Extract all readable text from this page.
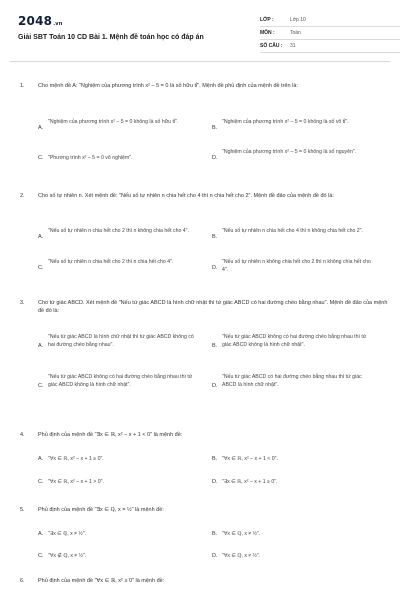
2048.vn
Giải SBT Toán 10 CD Bài 1. Mệnh đề toán học có đáp án
LỚP :	Lớp 10
MÔN :	Toán
SỐ CÂU :	31
1. Cho mệnh đề A: "Nghiệm của phương trình x² – 5 = 0 là số hữu tỉ". Mệnh đề phủ định của mệnh đề trên là:
A.
"Nghiệm của phương trình x² – 5 = 0 không là số hữu tỉ".
B.
"Nghiệm của phương trình x² – 5 = 0 không là số vô tỉ".
C. "Phương trình x² – 5 = 0 vô nghiệm".	D.
"Nghiệm của phương trình x² – 5 = 0 không là số nguyên".
2. Cho số tự nhiên n. Xét mệnh đề: "Nếu số tự nhiên n chia hết cho 4 thì n chia hết cho 2". Mệnh đề đảo của mệnh đề đó là:
A.
"Nếu số tự nhiên n chia hết cho 2 thì n không chia hết cho 4".
B.
"Nếu số tự nhiên n chia hết cho 4 thì n không chia hết cho 2".
C.
"Nếu số tự nhiên n chia hết cho 2 thì n chia hết cho 4".
D.
"Nếu số tự nhiên n không chia hết cho 2 thì n không chia hết cho 4".
3. Cho tứ giác ABCD. Xét mệnh đề "Nếu tứ giác ABCD là hình chữ nhật thì tứ giác ABCD có hai đường chéo bằng nhau". Mệnh đề đảo của mệnh đề đó là:
A.
"Nếu tứ giác ABCD là hình chữ nhật thì tứ giác ABCD không có hai đường chéo bằng nhau".	B.
"Nếu tứ giác ABCD không có hai đường chéo bằng nhau thì tứ giác ABCD không là hình chữ nhật".
C.
"Nếu tứ giác ABCD không có hai đường chéo bằng nhau thì tứ giác ABCD không là hình chữ nhật".	D.
"Nếu tứ giác ABCD có hai đường chéo bằng nhau thì tứ giác ABCD là hình chữ nhật".
4. Phủ định của mệnh đề "∃x ∈ ℝ, x² – x + 1 < 0" là mệnh đề:
A. "∀x ∈ ℝ, x² – x + 1 ≥ 0".	B. "∀x ∈ ℝ, x² – x + 1 < 0".
C. "∀x ∈ ℝ, x² – x + 1 > 0".	D. "∃x ∈ ℝ, x² – x + 1 ≥ 0".
5. Phủ định của mệnh đề "∃x ∈ ℚ, x = ½" là mệnh đề:
A. "∃x ∈ ℚ, x ≠ ½".	B. "∀x ∈ ℚ, x ≠ ½".
C. "∀x ∉ ℚ, x ≠ ½".	D. "∀x ∈ ℚ, x ≠ ½".
6. Phủ định của mệnh đề "∀x ∈ ℝ, x² ≥ 0" là mệnh đề:
